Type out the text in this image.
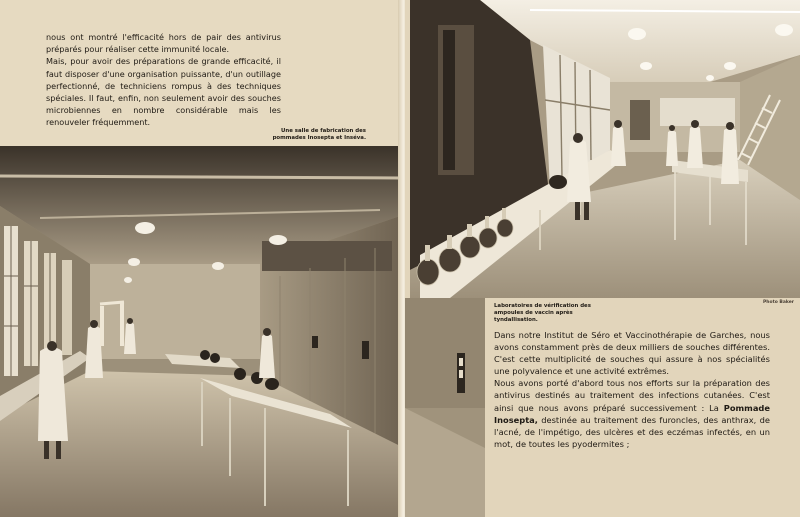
nous ont montré l'efficacité hors de pair des antivirus préparés pour réaliser cette immunité locale.

Mais, pour avoir des préparations de grande efficacité, il faut disposer d'une organisation puissante, d'un outillage perfectionné, de techniciens rompus à des techniques spéciales. Il faut, enfin, non seulement avoir des souches microbiennes en nombre considérable mais les renouveler fréquemment.

Une salle de fabrication des pommades Inosepta et Inséva.
Laboratoires de vérification des ampoules de vaccin après tyndallisation.
Photo Baker

Dans notre Institut de Séro et Vaccinothérapie de Garches, nous avons constamment près de deux milliers de souches différentes. C'est cette multiplicité de souches qui assure à nos spécialités une polyvalence et une activité extrêmes.

Nous avons porté d'abord tous nos efforts sur la préparation des antivirus destinés au traitement des infections cutanées. C'est ainsi que nous avons préparé successivement : La Pommade Inosepta, destinée au traitement des furoncles, des anthrax, de l'acné, de l'impétigo, des ulcères et des eczémas infectés, en un mot, de toutes les pyodermites ;
